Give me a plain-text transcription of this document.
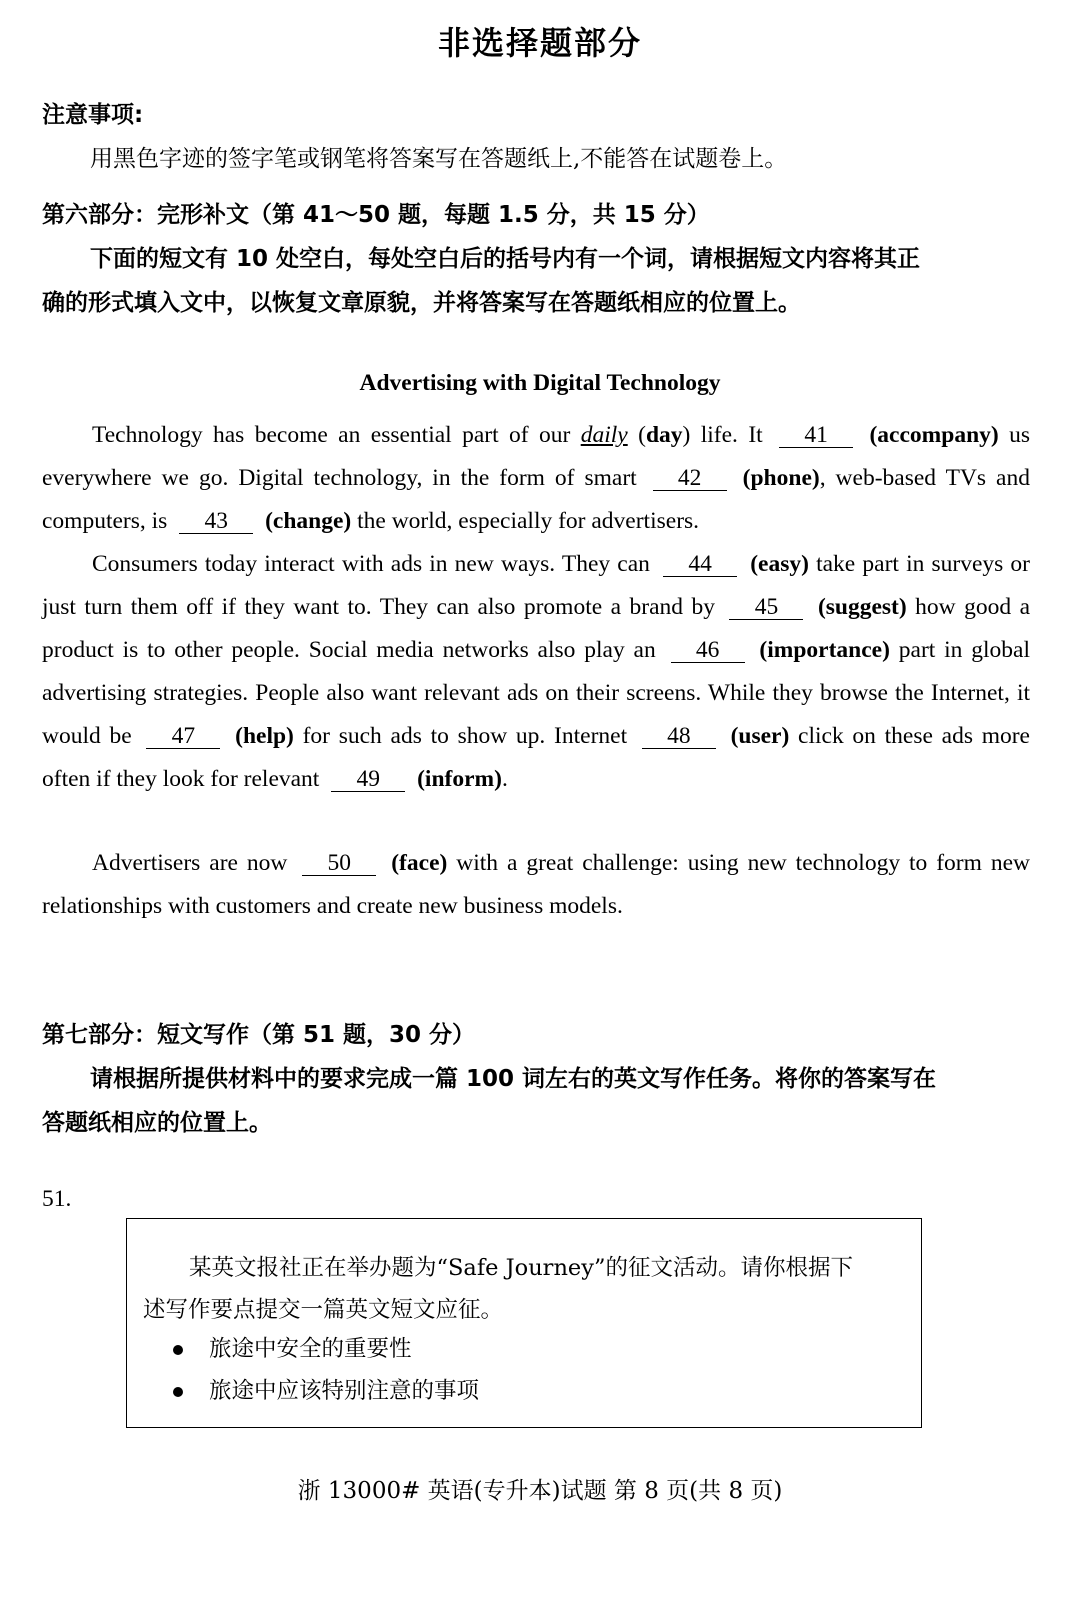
非选择题部分
注意事项:
用黑色字迹的签字笔或钢笔将答案写在答题纸上,不能答在试题卷上。
第六部分：完形补文（第 41～50 题，每题 1.5 分，共 15 分）
下面的短文有 10 处空白，每处空白后的括号内有一个词，请根据短文内容将其正
确的形式填入文中，以恢复文章原貌，并将答案写在答题纸相应的位置上。
Advertising with Digital Technology
Technology has become an essential part of our daily (day) life. It 41 (accompany) us everywhere we go. Digital technology, in the form of smart 42 (phone), web-based TVs and computers, is 43 (change) the world, especially for advertisers.
Consumers today interact with ads in new ways. They can 44 (easy) take part in surveys or just turn them off if they want to. They can also promote a brand by 45 (suggest) how good a product is to other people. Social media networks also play an 46 (importance) part in global advertising strategies. People also want relevant ads on their screens. While they browse the Internet, it would be 47 (help) for such ads to show up. Internet 48 (user) click on these ads more often if they look for relevant 49 (inform).
Advertisers are now 50 (face) with a great challenge: using new technology to form new relationships with customers and create new business models.
第七部分：短文写作（第 51 题，30 分）
请根据所提供材料中的要求完成一篇 100 词左右的英文写作任务。将你的答案写在
答题纸相应的位置上。
51.
某英文报社正在举办题为“Safe Journey”的征文活动。请你根据下
述写作要点提交一篇英文短文应征。
旅途中安全的重要性
旅途中应该特别注意的事项
浙 13000# 英语(专升本)试题 第 8 页(共 8 页)
